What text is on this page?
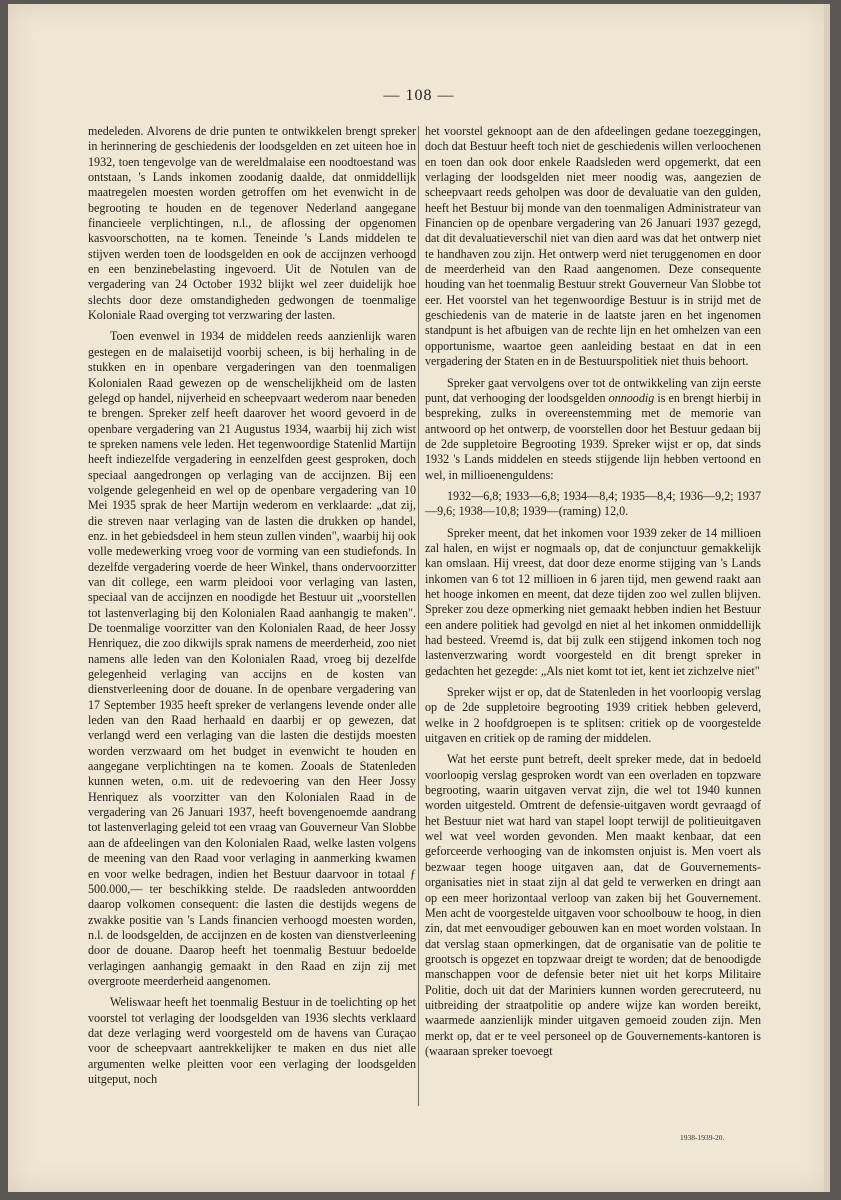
— 108 —

medeleden. Alvorens de drie punten te ontwikkelen brengt spreker in herinnering de geschiedenis der loodsgelden en zet uiteen hoe in 1932, toen tengevolge van de wereldmalaise een noodtoestand was ontstaan, 's Lands inkomen zoodanig daalde, dat onmiddellijk maatregelen moesten worden getroffen om het evenwicht in de begrooting te houden en de tegenover Nederland aangegane financieele verplichtingen, n.l., de aflossing der opgenomen kasvoorschotten, na te komen. Teneinde 's Lands middelen te stijven werden toen de loodsgelden en ook de accijnzen verhoogd en een benzinebelasting ingevoerd. Uit de Notulen van de vergadering van 24 October 1932 blijkt wel zeer duidelijk hoe slechts door deze omstandigheden gedwongen de toenmalige Koloniale Raad overging tot verzwaring der lasten.

Toen evenwel in 1934 de middelen reeds aanzienlijk waren gestegen en de malaisetijd voorbij scheen, is bij herhaling in de stukken en in openbare vergaderingen van den toenmaligen Kolonialen Raad gewezen op de wenschelijkheid om de lasten gelegd op handel, nijverheid en scheepvaart wederom naar beneden te brengen. Spreker zelf heeft daarover het woord gevoerd in de openbare vergadering van 21 Augustus 1934, waarbij hij zich wist te spreken namens vele leden. Het tegenwoordige Statenlid Martijn heeft indiezelfde vergadering in eenzelfden geest gesproken, doch speciaal aangedrongen op verlaging van de accijnzen. Bij een volgende gelegenheid en wel op de openbare vergadering van 10 Mei 1935 sprak de heer Martijn wederom en verklaarde: „dat zij, die streven naar verlaging van de lasten die drukken op handel, enz. in het gebiedsdeel in hem steun zullen vinden", waarbij hij ook volle medewerking vroeg voor de vorming van een studiefonds. In dezelfde vergadering voerde de heer Winkel, thans ondervoorzitter van dit college, een warm pleidooi voor verlaging van lasten, speciaal van de accijnzen en noodigde het Bestuur uit „voorstellen tot lastenverlaging bij den Kolonialen Raad aanhangig te maken". De toenmalige voorzitter van den Kolonialen Raad, de heer Jossy Henriquez, die zoo dikwijls sprak namens de meerderheid, zoo niet namens alle leden van den Kolonialen Raad, vroeg bij dezelfde gelegenheid verlaging van accijns en de kosten van dienstverleening door de douane. In de openbare vergadering van 17 September 1935 heeft spreker de verlangens levende onder alle leden van den Raad herhaald en daarbij er op gewezen, dat verlangd werd een verlaging van die lasten die destijds moesten worden verzwaard om het budget in evenwicht te houden en aangegane verplichtingen na te komen. Zooals de Statenleden kunnen weten, o.m. uit de redevoering van den Heer Jossy Henriquez als voorzitter van den Kolonialen Raad in de vergadering van 26 Januari 1937, heeft bovengenoemde aandrang tot lastenverlaging geleid tot een vraag van Gouverneur Van Slobbe aan de afdeelingen van den Kolonialen Raad, welke lasten volgens de meening van den Raad voor verlaging in aanmerking kwamen en voor welke bedragen, indien het Bestuur daarvoor in totaal ƒ 500.000,— ter beschikking stelde. De raadsleden antwoordden daarop volkomen consequent: die lasten die destijds wegens de zwakke positie van 's Lands financien verhoogd moesten worden, n.l. de loodsgelden, de accijnzen en de kosten van dienstverleening door de douane. Daarop heeft het toenmalig Bestuur bedoelde verlagingen aanhangig gemaakt in den Raad en zijn zij met overgroote meerderheid aangenomen.

Weliswaar heeft het toenmalig Bestuur in de toelichting op het voorstel tot verlaging der loodsgelden van 1936 slechts verklaard dat deze verlaging werd voorgesteld om de havens van Curaçao voor de scheepvaart aantrekkelijker te maken en dus niet alle argumenten welke pleitten voor een verlaging der loodsgelden uitgeput, noch

het voorstel geknoopt aan de den afdeelingen gedane toezeggingen, doch dat Bestuur heeft toch niet de geschiedenis willen verloochenen en toen dan ook door enkele Raadsleden werd opgemerkt, dat een verlaging der loodsgelden niet meer noodig was, aangezien de scheepvaart reeds geholpen was door de devaluatie van den gulden, heeft het Bestuur bij monde van den toenmaligen Administrateur van Financien op de openbare vergadering van 26 Januari 1937 gezegd, dat dit devaluatieverschil niet van dien aard was dat het ontwerp niet te handhaven zou zijn. Het ontwerp werd niet teruggenomen en door de meerderheid van den Raad aangenomen. Deze consequente houding van het toenmalig Bestuur strekt Gouverneur Van Slobbe tot eer. Het voorstel van het tegenwoordige Bestuur is in strijd met de geschiedenis van de materie in de laatste jaren en het ingenomen standpunt is het afbuigen van de rechte lijn en het omhelzen van een opportunisme, waartoe geen aanleiding bestaat en dat in een vergadering der Staten en in de Bestuurspolitiek niet thuis behoort.

Spreker gaat vervolgens over tot de ontwikkeling van zijn eerste punt, dat verhooging der loodsgelden onnoodig is en brengt hierbij in bespreking, zulks in overeenstemming met de memorie van antwoord op het ontwerp, de voorstellen door het Bestuur gedaan bij de 2de suppletoire Begrooting 1939. Spreker wijst er op, dat sinds 1932 's Lands middelen en steeds stijgende lijn hebben vertoond en wel, in millioenenguldens:

1932—6,8; 1933—6,8; 1934—8,4; 1935—8,4; 1936—9,2; 1937—9,6; 1938—10,8; 1939—(raming) 12,0.

Spreker meent, dat het inkomen voor 1939 zeker de 14 millioen zal halen, en wijst er nogmaals op, dat de conjunctuur gemakkelijk kan omslaan. Hij vreest, dat door deze enorme stijging van 's Lands inkomen van 6 tot 12 millioen in 6 jaren tijd, men gewend raakt aan het hooge inkomen en meent, dat deze tijden zoo wel zullen blijven. Spreker zou deze opmerking niet gemaakt hebben indien het Bestuur een andere politiek had gevolgd en niet al het inkomen onmiddellijk had besteed. Vreemd is, dat bij zulk een stijgend inkomen toch nog lastenverzwaring wordt voorgesteld en dit brengt spreker in gedachten het gezegde: „Als niet komt tot iet, kent iet zichzelve niet"

Spreker wijst er op, dat de Statenleden in het voorloopig verslag op de 2de suppletoire begrooting 1939 critiek hebben geleverd, welke in 2 hoofdgroepen is te splitsen: critiek op de voorgestelde uitgaven en critiek op de raming der middelen.

Wat het eerste punt betreft, deelt spreker mede, dat in bedoeld voorloopig verslag gesproken wordt van een overladen en topzware begrooting, waarin uitgaven vervat zijn, die wel tot 1940 kunnen worden uitgesteld. Omtrent de defensie-uitgaven wordt gevraagd of het Bestuur niet wat hard van stapel loopt terwijl de politieuitgaven wel wat veel worden gevonden. Men maakt kenbaar, dat een geforceerde verhooging van de inkomsten onjuist is. Men voert als bezwaar tegen hooge uitgaven aan, dat de Gouvernements-organisaties niet in staat zijn al dat geld te verwerken en dringt aan op een meer horizontaal verloop van zaken bij het Gouvernement. Men acht de voorgestelde uitgaven voor schoolbouw te hoog, in dien zin, dat met eenvoudiger gebouwen kan en moet worden volstaan. In dat verslag staan opmerkingen, dat de organisatie van de politie te grootsch is opgezet en topzwaar dreigt te worden; dat de benoodigde manschappen voor de defensie beter niet uit het korps Militaire Politie, doch uit dat der Mariniers kunnen worden gerecruteerd, nu uitbreiding der straatpolitie op andere wijze kan worden bereikt, waarmede aanzienlijk minder uitgaven gemoeid zouden zijn. Men merkt op, dat er te veel personeel op de Gouvernements-kantoren is (waaraan spreker toevoegt

1938-1939-20.
